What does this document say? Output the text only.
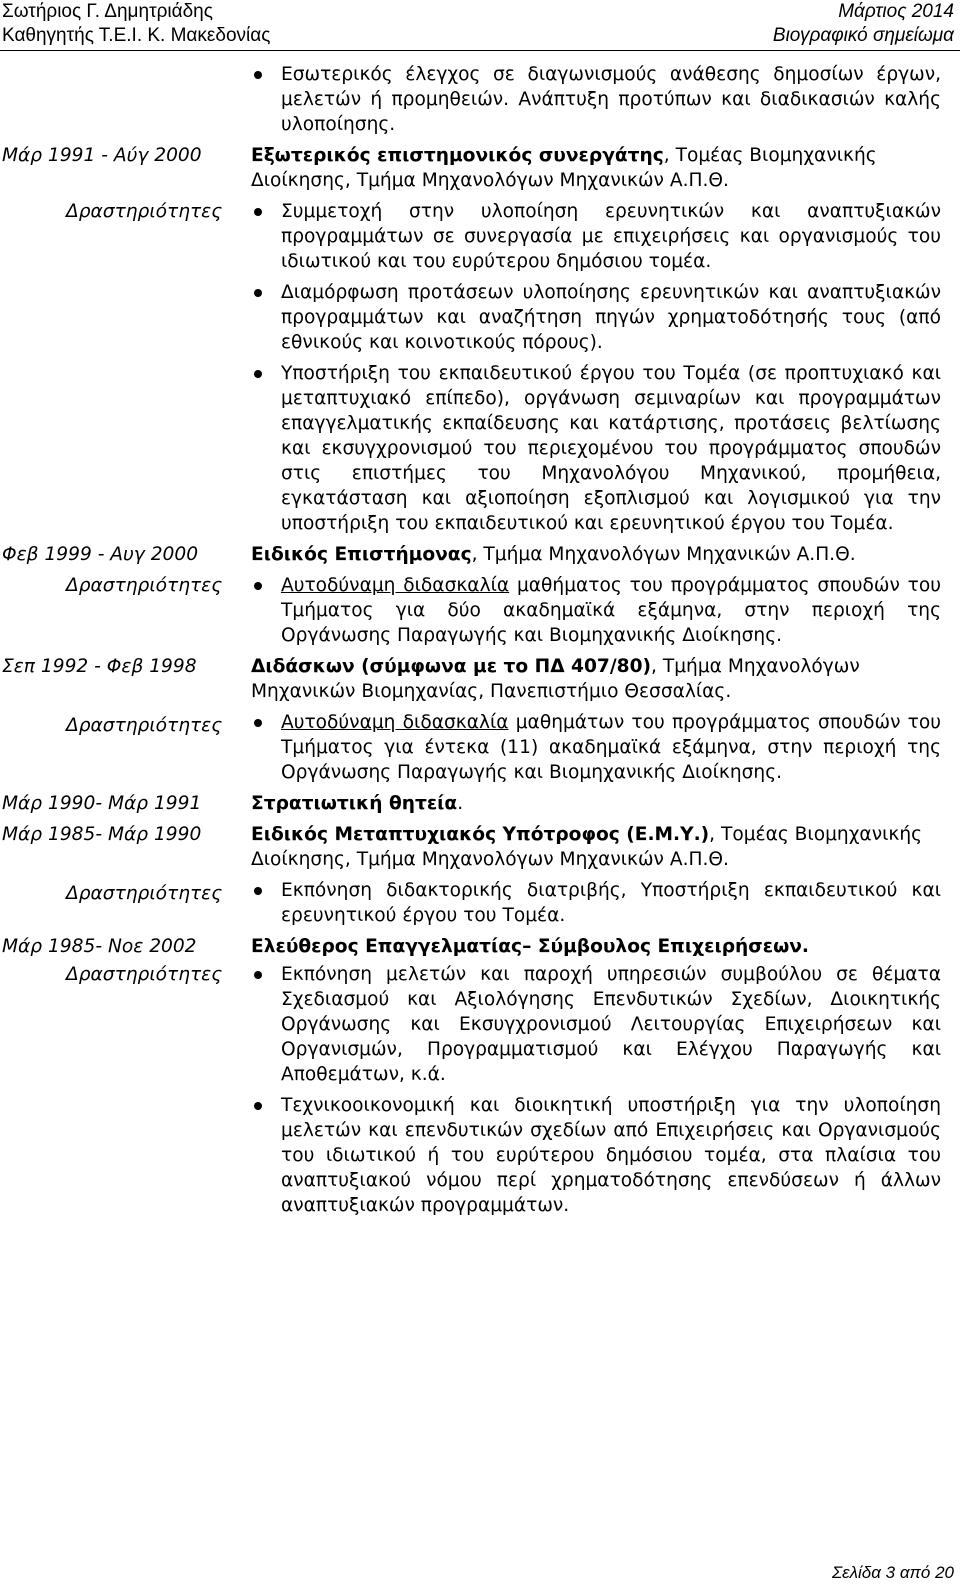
Σωτήριος Γ. Δημητριάδης
Καθηγητής Τ.Ε.Ι. Κ. Μακεδονίας
Μάρτιος 2014
Βιογραφικό σημείωμα
Εσωτερικός έλεγχος σε διαγωνισμούς ανάθεσης δημοσίων έργων, μελετών ή προμηθειών. Ανάπτυξη προτύπων και διαδικασιών καλής υλοποίησης.
Μάρ 1991 - Αύγ 2000	Εξωτερικός επιστημονικός συνεργάτης, Τομέας Βιομηχανικής Διοίκησης, Τμήμα Μηχανολόγων Μηχανικών Α.Π.Θ.
Δραστηριότητες	Συμμετοχή στην υλοποίηση ερευνητικών και αναπτυξιακών προγραμμάτων σε συνεργασία με επιχειρήσεις και οργανισμούς του ιδιωτικού και του ευρύτερου δημόσιου τομέα.
Διαμόρφωση προτάσεων υλοποίησης ερευνητικών και αναπτυξιακών προγραμμάτων και αναζήτηση πηγών χρηματοδότησής τους (από εθνικούς και κοινοτικούς πόρους).
Υποστήριξη του εκπαιδευτικού έργου του Τομέα (σε προπτυχιακό και μεταπτυχιακό επίπεδο), οργάνωση σεμιναρίων και προγραμμάτων επαγγελματικής εκπαίδευσης και κατάρτισης, προτάσεις βελτίωσης και εκσυγχρονισμού του περιεχομένου του προγράμματος σπουδών στις επιστήμες του Μηχανολόγου Μηχανικού, προμήθεια, εγκατάσταση και αξιοποίηση εξοπλισμού και λογισμικού για την υποστήριξη του εκπαιδευτικού και ερευνητικού έργου του Τομέα.
Φεβ 1999 - Αυγ 2000	Ειδικός Επιστήμονας, Τμήμα Μηχανολόγων Μηχανικών Α.Π.Θ.
Δραστηριότητες	Αυτοδύναμη διδασκαλία μαθήματος του προγράμματος σπουδών του Τμήματος για δύο ακαδημαϊκά εξάμηνα, στην περιοχή της Οργάνωσης Παραγωγής και Βιομηχανικής Διοίκησης.
Σεπ 1992 - Φεβ 1998	Διδάσκων (σύμφωνα με το ΠΔ 407/80), Τμήμα Μηχανολόγων Μηχανικών Βιομηχανίας, Πανεπιστήμιο Θεσσαλίας.
Δραστηριότητες	Αυτοδύναμη διδασκαλία μαθημάτων του προγράμματος σπουδών του Τμήματος για έντεκα (11) ακαδημαϊκά εξάμηνα, στην περιοχή της Οργάνωσης Παραγωγής και Βιομηχανικής Διοίκησης.
Μάρ 1990- Μάρ 1991	Στρατιωτική θητεία.
Μάρ 1985- Μάρ 1990	Ειδικός Μεταπτυχιακός Υπότροφος (Ε.Μ.Υ.), Τομέας Βιομηχανικής Διοίκησης, Τμήμα Μηχανολόγων Μηχανικών Α.Π.Θ.
Δραστηριότητες	Εκπόνηση διδακτορικής διατριβής, Υποστήριξη εκπαιδευτικού και ερευνητικού έργου του Τομέα.
Μάρ 1985- Νοε 2002	Ελεύθερος Επαγγελματίας– Σύμβουλος Επιχειρήσεων.
Δραστηριότητες	Εκπόνηση μελετών και παροχή υπηρεσιών συμβούλου σε θέματα Σχεδιασμού και Αξιολόγησης Επενδυτικών Σχεδίων, Διοικητικής Οργάνωσης και Εκσυγχρονισμού Λειτουργίας Επιχειρήσεων και Οργανισμών, Προγραμματισμού και Ελέγχου Παραγωγής και Αποθεμάτων, κ.ά.
Τεχνικοοικονομική και διοικητική υποστήριξη για την υλοποίηση μελετών και επενδυτικών σχεδίων από Επιχειρήσεις και Οργανισμούς του ιδιωτικού ή του ευρύτερου δημόσιου τομέα, στα πλαίσια του αναπτυξιακού νόμου περί χρηματοδότησης επενδύσεων ή άλλων αναπτυξιακών προγραμμάτων.
Σελίδα 3 από 20
